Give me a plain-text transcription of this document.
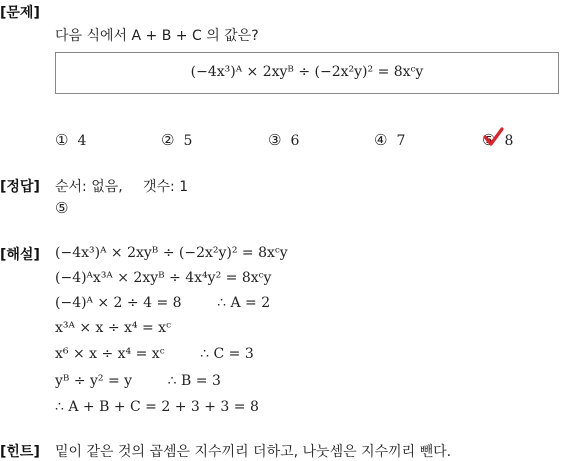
[문제]
다음 식에서 A + B + C 의 값은?
(−4x³)ᴬ × 2xyᴮ ÷ (−2x²y)² = 8xᶜy
① 4	② 5	③ 6	④ 7	⑤ 8
[정답] 순서: 없음, 갯수: 1
⑤
[해설] (−4x³)ᴬ × 2xyᴮ ÷ (−2x²y)² = 8xᶜy
(−4)ᴬx³ᴬ × 2xyᴮ ÷ 4x⁴y² = 8xᶜy
(−4)ᴬ × 2 ÷ 4 = 8        ∴ A = 2
x³ᴬ × x ÷ x⁴ = xᶜ
x⁶ × x ÷ x⁴ = xᶜ        ∴ C = 3
yᴮ ÷ y² = y        ∴ B = 3
∴ A + B + C = 2 + 3 + 3 = 8
[힌트] 밑이 같은 것의 곱셈은 지수끼리 더하고, 나눗셈은 지수끼리 뺀다.
